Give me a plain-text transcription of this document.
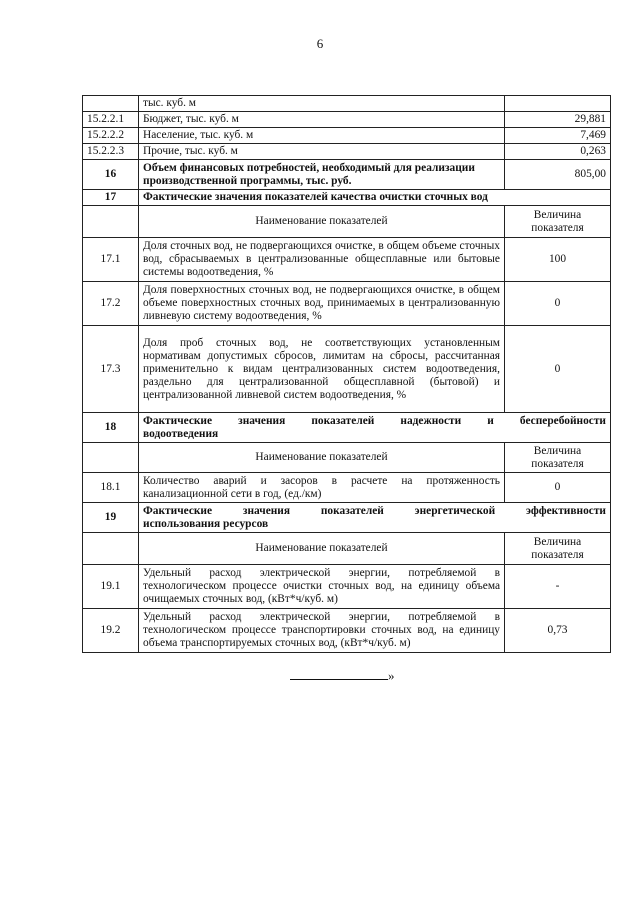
6
	тыс. куб. м	
15.2.2.1	Бюджет, тыс. куб. м	29,881
15.2.2.2	Население, тыс. куб. м	7,469
15.2.2.3	Прочие, тыс. куб. м	0,263
16	Объем финансовых потребностей, необходимый для реализации производственной программы, тыс. руб.	805,00
17	Фактические значения показателей качества очистки сточных вод	
	Наименование показателей	Величина показателя
17.1	Доля сточных вод, не подвергающихся очистке, в общем объеме сточных вод, сбрасываемых в централизованные общесплавные или бытовые системы водоотведения, %	100
17.2	Доля поверхностных сточных вод, не подвергающихся очистке, в общем объеме поверхностных сточных вод, принимаемых в централизованную ливневую систему водоотведения, %	0
17.3	Доля проб сточных вод, не соответствующих установленным нормативам допустимых сбросов, лимитам на сбросы, рассчитанная применительно к видам централизованных систем водоотведения, раздельно для централизованной общесплавной (бытовой) и централизованной ливневой систем водоотведения, %	0
18	Фактические значения показателей надежности и бесперебойности
водоотведения	
	Наименование показателей	Величина показателя
18.1	Количество аварий и засоров в расчете на протяженность канализационной сети в год, (ед./км)	0
19	Фактические значения показателей энергетической эффективности
использования ресурсов	
	Наименование показателей	Величина показателя
19.1	Удельный расход электрической энергии, потребляемой в технологическом процессе очистки сточных вод, на единицу объема очищаемых сточных вод, (кВт*ч/куб. м)	-
19.2	Удельный расход электрической энергии, потребляемой в технологическом процессе транспортировки сточных вод, на единицу объема транспортируемых сточных вод, (кВт*ч/куб. м)	0,73
»
